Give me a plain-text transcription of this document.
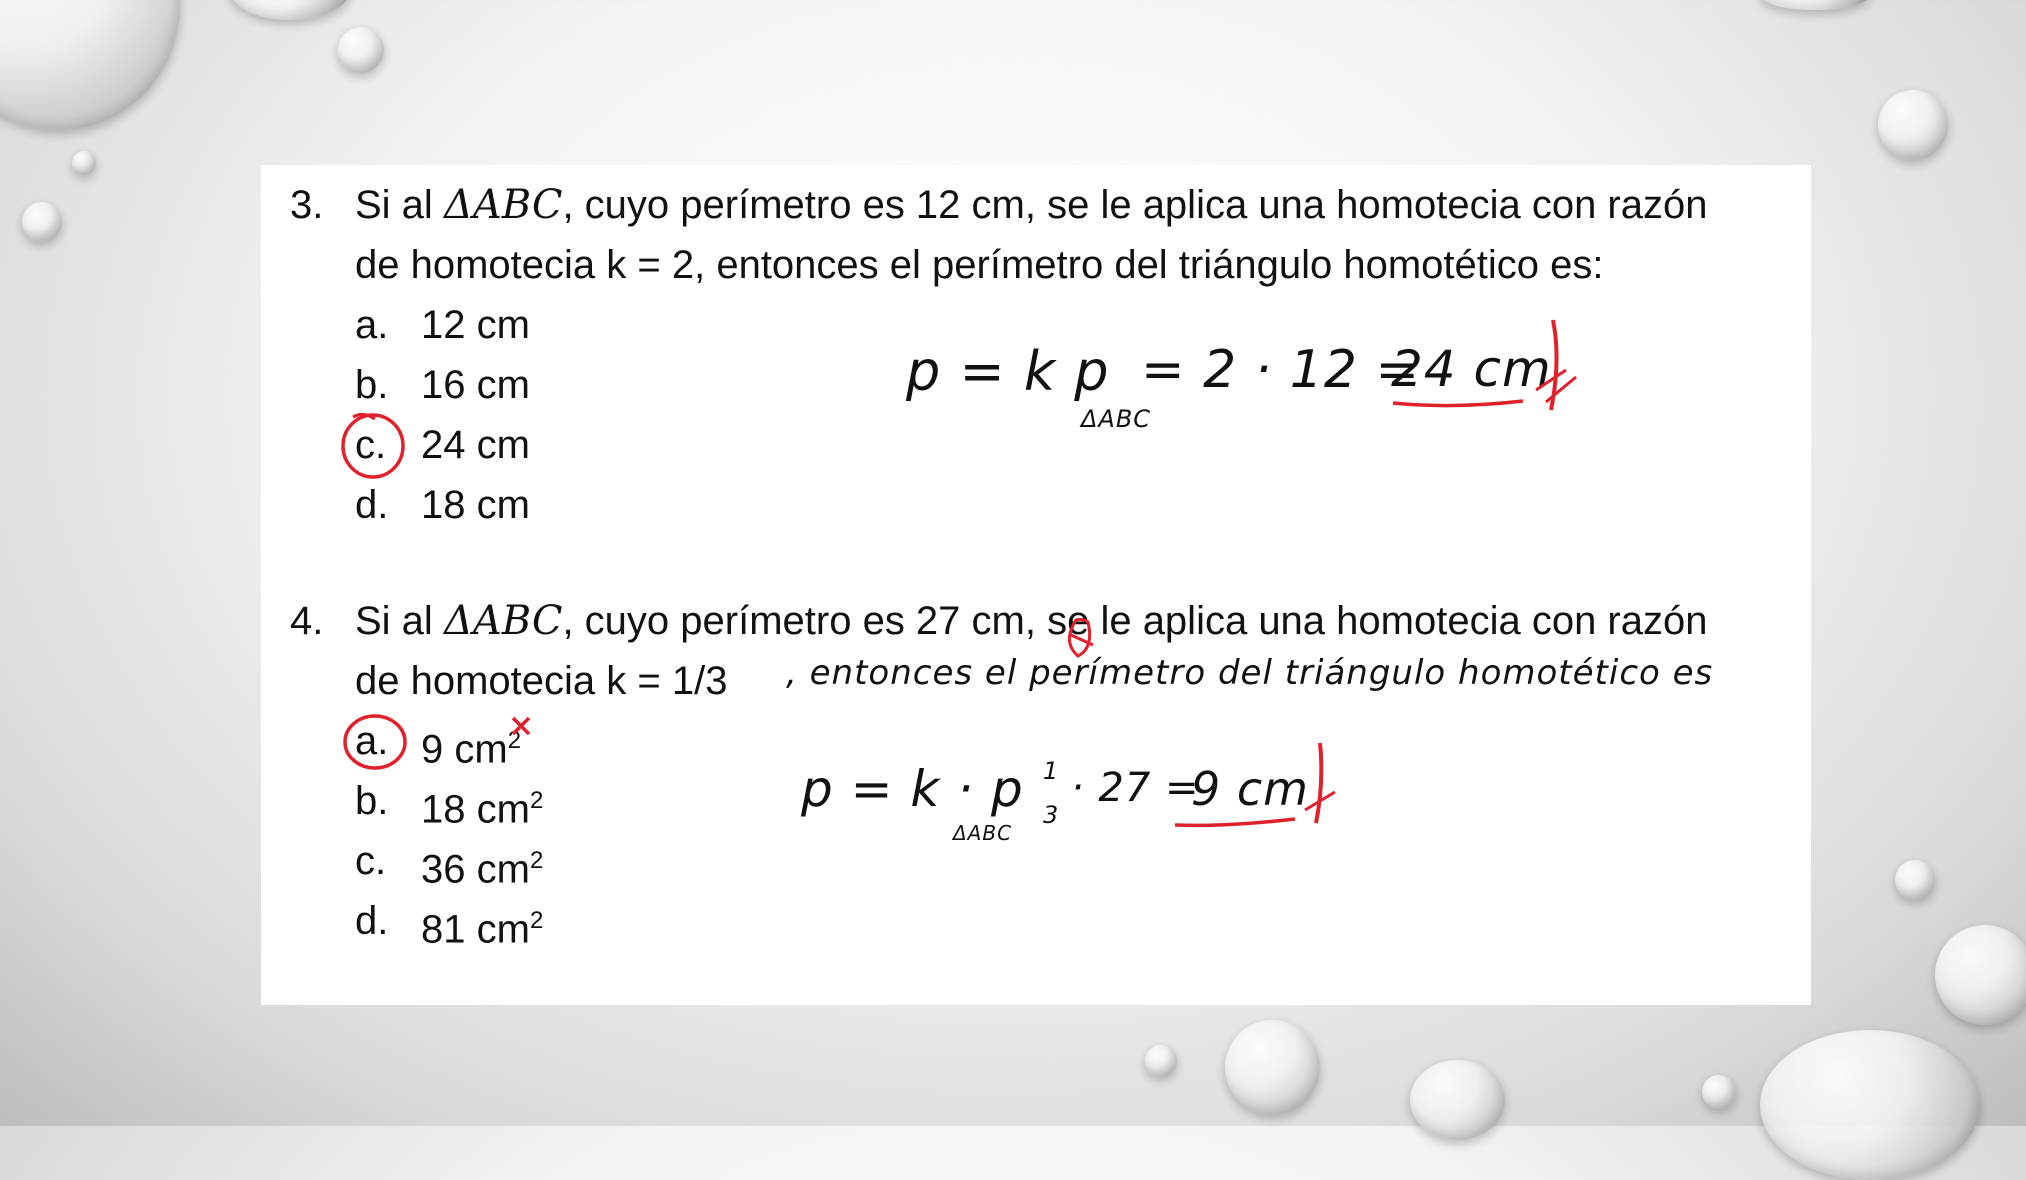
3. Si al ΔABC, cuyo perímetro es 12 cm, se le aplica una homotecia con razón
de homotecia k = 2, entonces el perímetro del triángulo homotético es:
a. 12 cm
b. 16 cm
c. 24 cm
d. 18 cm
p = k p
ΔABC
= 2 · 12 =
24 cm
4. Si al ΔABC, cuyo perímetro es 27 cm, se le aplica una homotecia con razón
de homotecia k = 1/3 , entonces el perímetro del triángulo homotético es
a. 9 $cm^2$
b. 18 $cm^2$
c. 36 $cm^2$
d. 81 $cm^2$
p = k · p
ΔABC
1
3
· 27 =
9 cm
